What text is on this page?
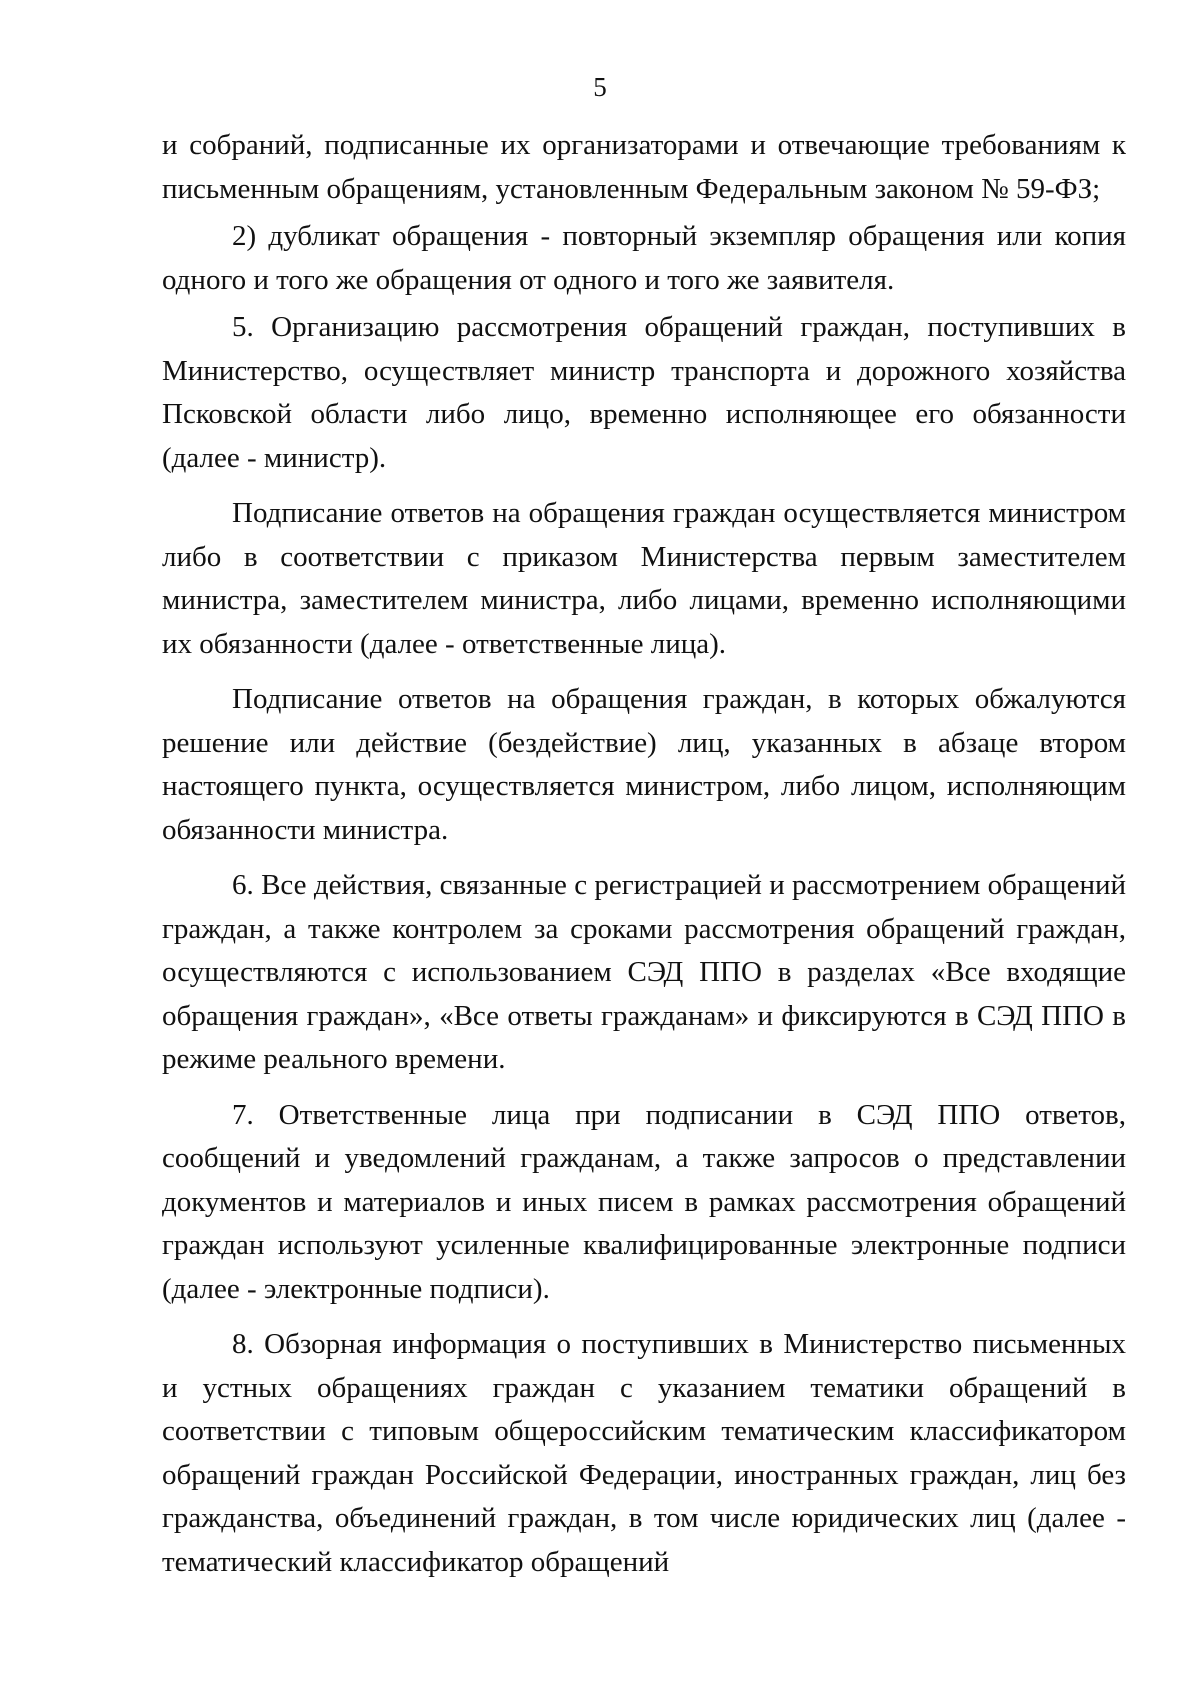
5

и собраний, подписанные их организаторами и отвечающие требованиям к письменным обращениям, установленным Федеральным законом № 59-ФЗ;

2) дубликат обращения - повторный экземпляр обращения или копия одного и того же обращения от одного и того же заявителя.

5. Организацию рассмотрения обращений граждан, поступивших в Министерство, осуществляет министр транспорта и дорожного хозяйства Псковской области либо лицо, временно исполняющее его обязанности (далее - министр).

Подписание ответов на обращения граждан осуществляется министром либо в соответствии с приказом Министерства первым заместителем министра, заместителем министра, либо лицами, временно исполняющими их обязанности (далее - ответственные лица).

Подписание ответов на обращения граждан, в которых обжалуются решение или действие (бездействие) лиц, указанных в абзаце втором настоящего пункта, осуществляется министром, либо лицом, исполняющим обязанности министра.

6. Все действия, связанные с регистрацией и рассмотрением обращений граждан, а также контролем за сроками рассмотрения обращений граждан, осуществляются с использованием СЭД ППО в разделах «Все входящие обращения граждан», «Все ответы гражданам» и фиксируются в СЭД ППО в режиме реального времени.

7. Ответственные лица при подписании в СЭД ППО ответов, сообщений и уведомлений гражданам, а также запросов о представлении документов и материалов и иных писем в рамках рассмотрения обращений граждан используют усиленные квалифицированные электронные подписи (далее - электронные подписи).

8. Обзорная информация о поступивших в Министерство письменных и устных обращениях граждан с указанием тематики обращений в соответствии с типовым общероссийским тематическим классификатором обращений граждан Российской Федерации, иностранных граждан, лиц без гражданства, объединений граждан, в том числе юридических лиц (далее - тематический классификатор обращений
